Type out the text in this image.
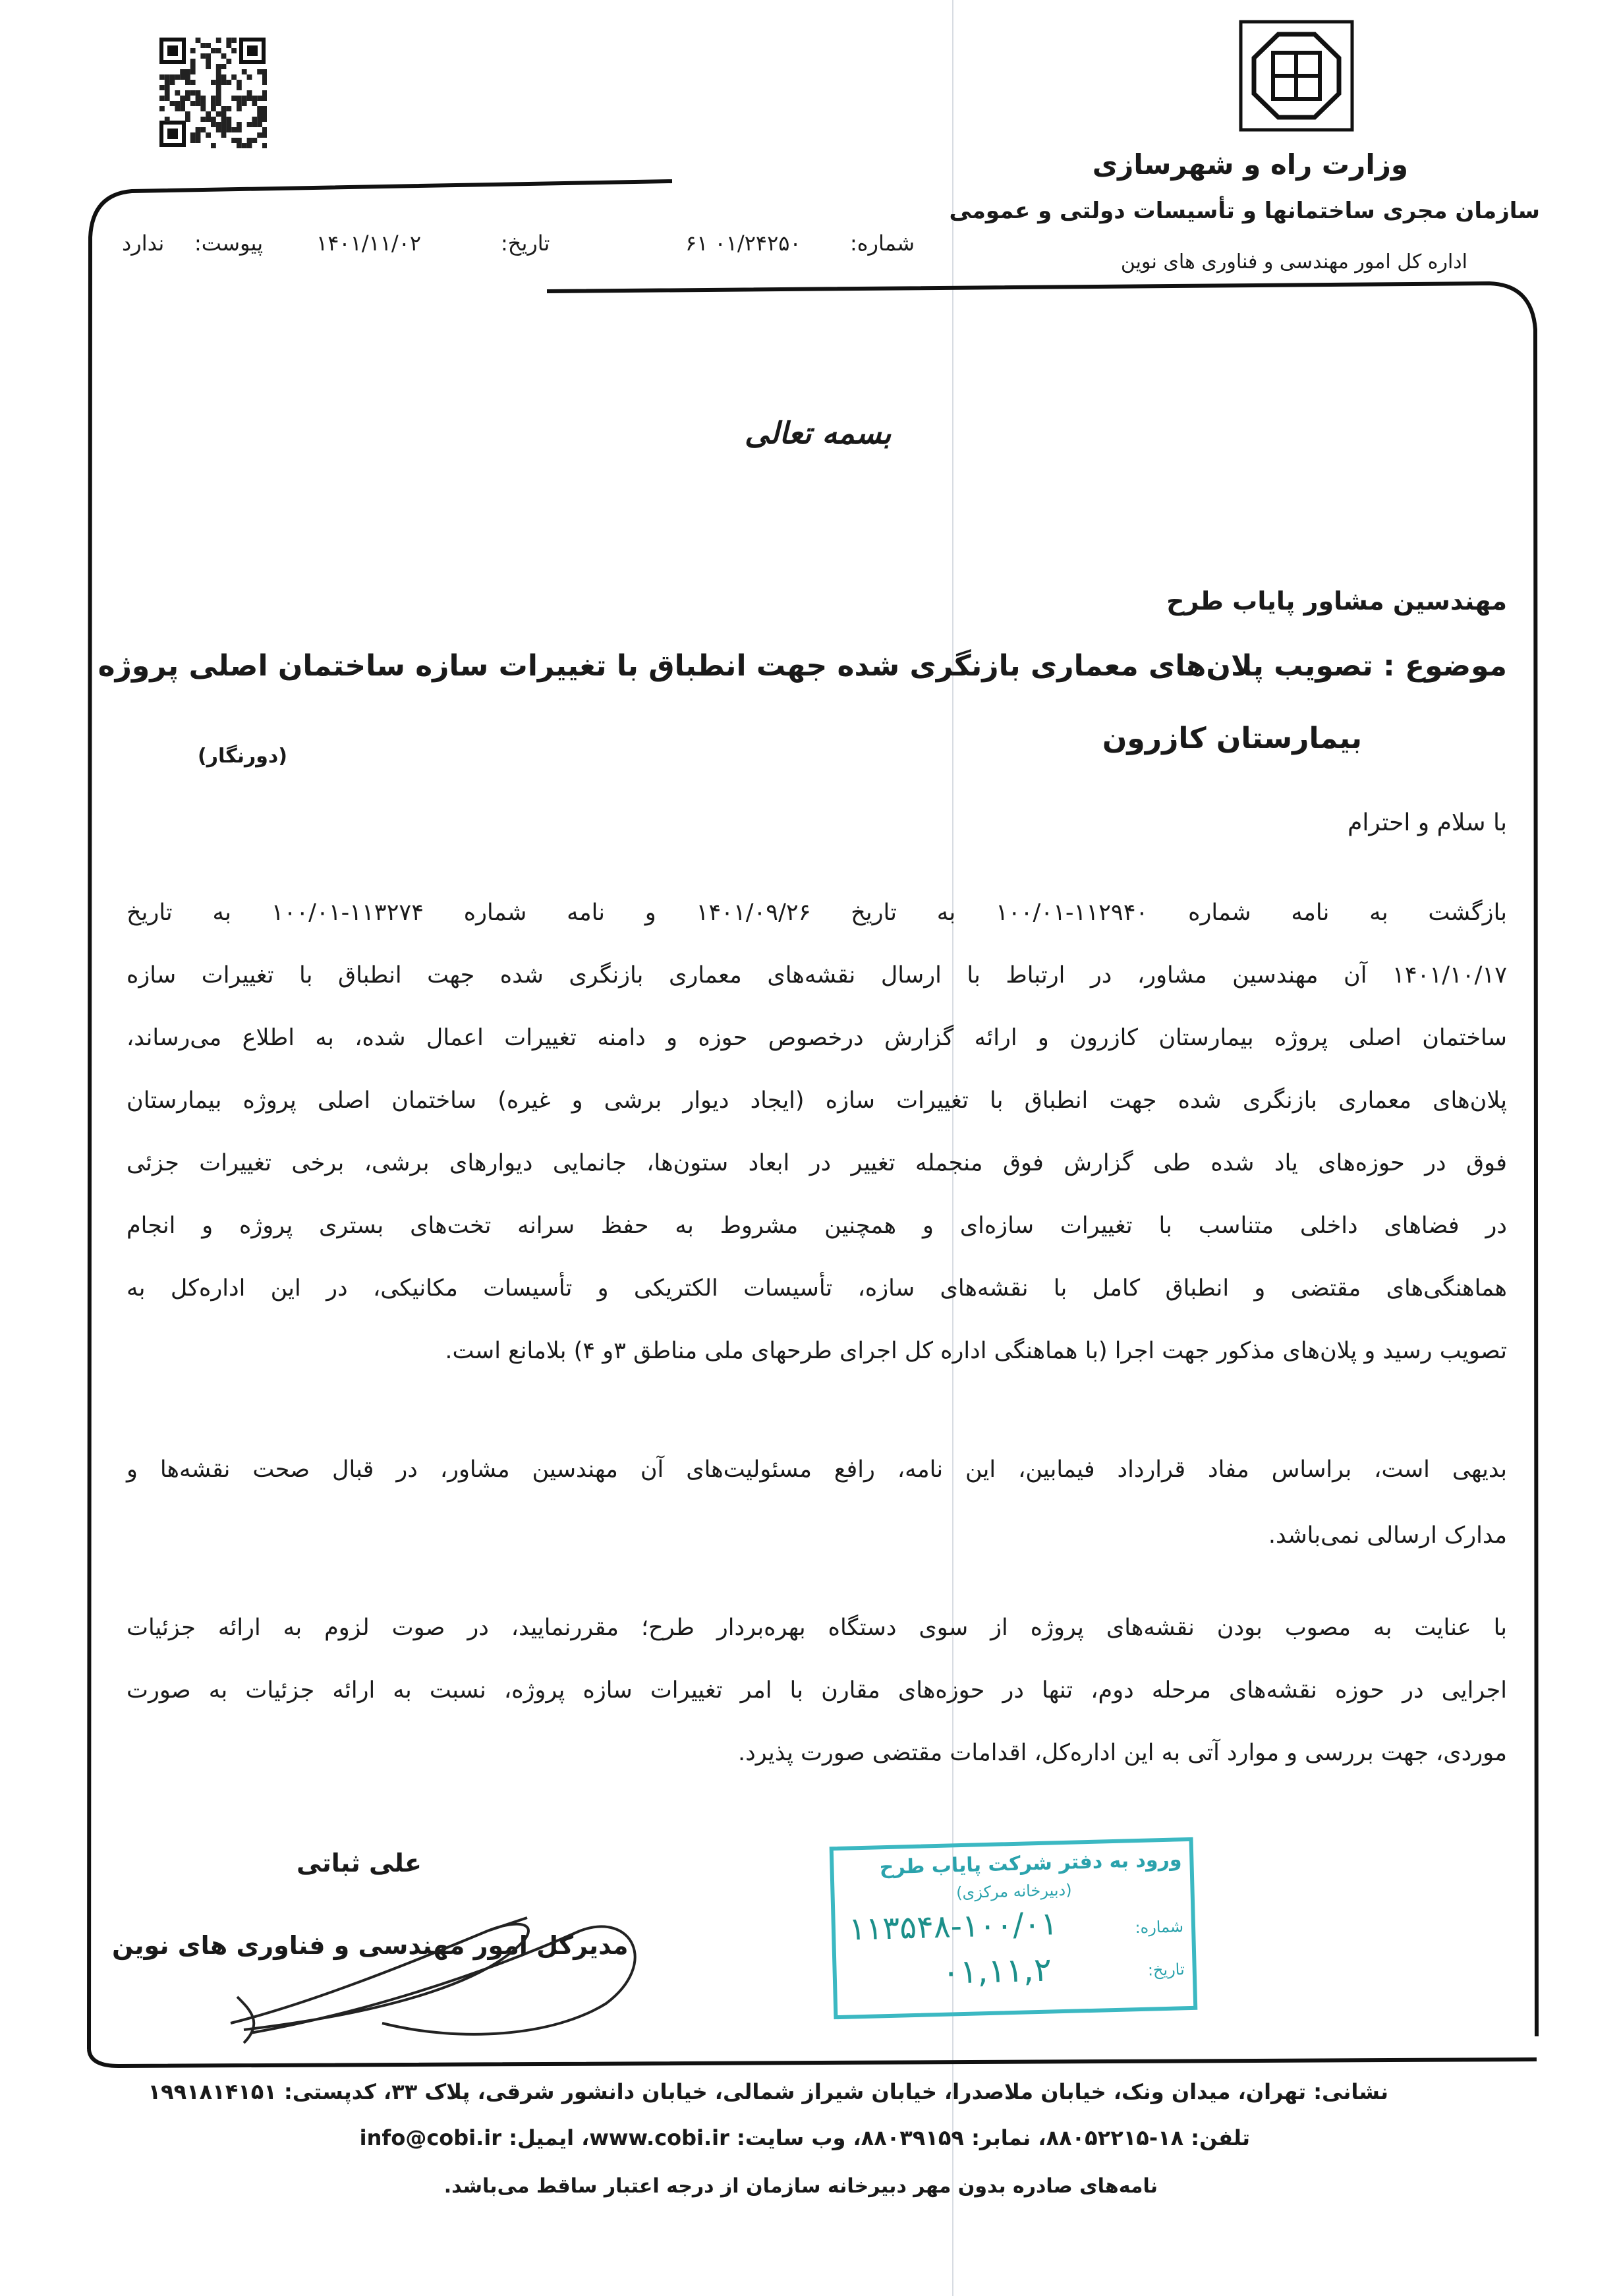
وزارت راه و شهرسازی
سازمان مجری ساختمانها و تأسیسات دولتی و عمومی
اداره کل امور مهندسی و فناوری های نوین
شماره:
۶۱ ۰۱/۲۴۲۵۰
تاریخ:
۱۴۰۱/۱۱/۰۲
پیوست:
ندارد
بسمه تعالی
مهندسین مشاور پایاب طرح
موضوع : تصویب پلان‌های معماری بازنگری شده جهت انطباق با تغییرات سازه ساختمان اصلی پروژه
بیمارستان کازرون
(دورنگار)
با سلام و احترام
بازگشت به نامه شماره ۱۱۲۹۴۰-۱۰۰/۰۱ به تاریخ ۱۴۰۱/۰۹/۲۶ و نامه شماره ۱۱۳۲۷۴-۱۰۰/۰۱ به تاریخ
۱۴۰۱/۱۰/۱۷ آن مهندسین مشاور، در ارتباط با ارسال نقشه‌های معماری بازنگری شده جهت انطباق با تغییرات سازه
ساختمان اصلی پروژه بیمارستان کازرون و ارائه گزارش درخصوص حوزه و دامنه تغییرات اعمال شده، به اطلاع می‌رساند،
پلان‌های معماری بازنگری شده جهت انطباق با تغییرات سازه (ایجاد دیوار برشی و غیره) ساختمان اصلی پروژه بیمارستان
فوق در حوزه‌های یاد شده طی گزارش فوق منجمله تغییر در ابعاد ستون‌ها، جانمایی دیوارهای برشی، برخی تغییرات جزئی
در فضاهای داخلی متناسب با تغییرات سازه‌ای و همچنین مشروط به حفظ سرانه تخت‌های بستری پروژه و انجام
هماهنگی‌های مقتضی و انطباق کامل با نقشه‌های سازه، تأسیسات الکتریکی و تأسیسات مکانیکی، در این اداره‌کل به
تصویب رسید و پلان‌های مذکور جهت اجرا (با هماهنگی اداره کل اجرای طرحهای ملی مناطق ۳و ۴) بلامانع است.
بدیهی است، براساس مفاد قرارداد فیمابین، این نامه، رافع مسئولیت‌های آن مهندسین مشاور، در قبال صحت نقشه‌ها و
مدارک ارسالی نمی‌باشد.
با عنایت به مصوب بودن نقشه‌های پروژه از سوی دستگاه بهره‌بردار طرح؛ مقررنمایید، در صوت لزوم به ارائه جزئیات
اجرایی در حوزه نقشه‌های مرحله دوم، تنها در حوزه‌های مقارن با امر تغییرات سازه پروژه، نسبت به ارائه جزئیات به صورت
موردی، جهت بررسی و موارد آتی به این اداره‌کل، اقدامات مقتضی صورت پذیرد.
علی ثباتی
مدیرکل امور مهندسی و فناوری های نوین
ورود به دفتر شرکت پایاب طرح
(دبیرخانه مرکزی)
شماره:
۱۱۳۵۴۸-۱۰۰/۰۱
تاریخ:
۰۱,۱۱,۲
نشانی: تهران، میدان ونک، خیابان ملاصدرا، خیابان شیراز شمالی، خیابان دانشور شرقی، پلاک ۳۳، کدپستی: ۱۹۹۱۸۱۴۱۵۱
تلفن: ۱۸-۸۸۰۵۲۲۱۵، نمابر: ۸۸۰۳۹۱۵۹، وب سایت: www.cobi.ir، ایمیل: info@cobi.ir
نامه‌های صادره بدون مهر دبیرخانه سازمان از درجه اعتبار ساقط می‌باشد.
